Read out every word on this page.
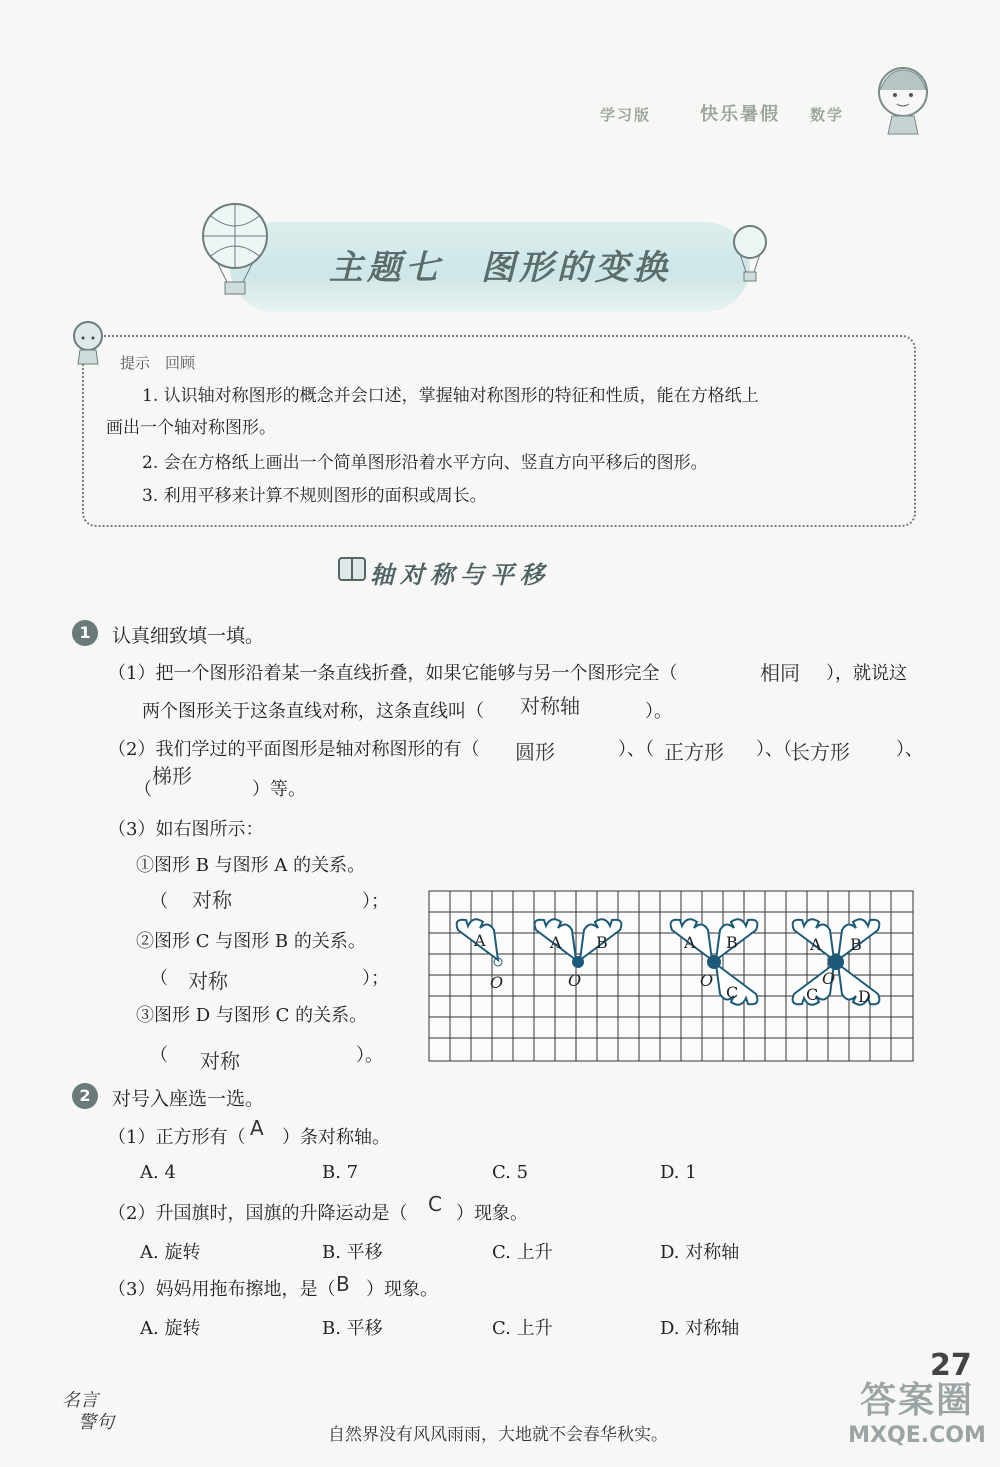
学习版	快乐暑假 数学
主题七　图形的变换
提示　回顾
1. 认识轴对称图形的概念并会口述，掌握轴对称图形的特征和性质，能在方格纸上
画出一个轴对称图形。
2. 会在方格纸上画出一个简单图形沿着水平方向、竖直方向平移后的图形。
3. 利用平移来计算不规则图形的面积或周长。
轴对称与平移
1	认真细致填一填。
（1）把一个图形沿着某一条直线折叠，如果它能够与另一个图形完全（	相同 ），就说这
两个图形关于这条直线对称，这条直线叫（ 对称轴	）。
（2）我们学过的平面图形是轴对称图形的有（ 圆形	）、（ 正方形 ）、（
长方形	）、
（
梯形
）等。
（3）如右图所示：
①图形 B 与图形 A 的关系。
（ 对称	）；
②图形 C 与图形 B 的关系。
（ 对称	）；
③图形 D 与图形 C 的关系。
（ 对称	）。
A
O
A B
O
A B
O
C
A B
O
C D
2	对号入座选一选。
（1）正方形有（ A ）条对称轴。
A. 4	B. 7	C. 5	D. 1
（2）升国旗时，国旗的升降运动是（ C ）现象。
A. 旋转	B. 平移	C. 上升	D. 对称轴
（3）妈妈用拖布擦地，是（ B ）现象。
A. 旋转	B. 平移	C. 上升	D. 对称轴
名言
警句
自然界没有风风雨雨，大地就不会春华秋实。
27
答案圈
MXQE.COM
